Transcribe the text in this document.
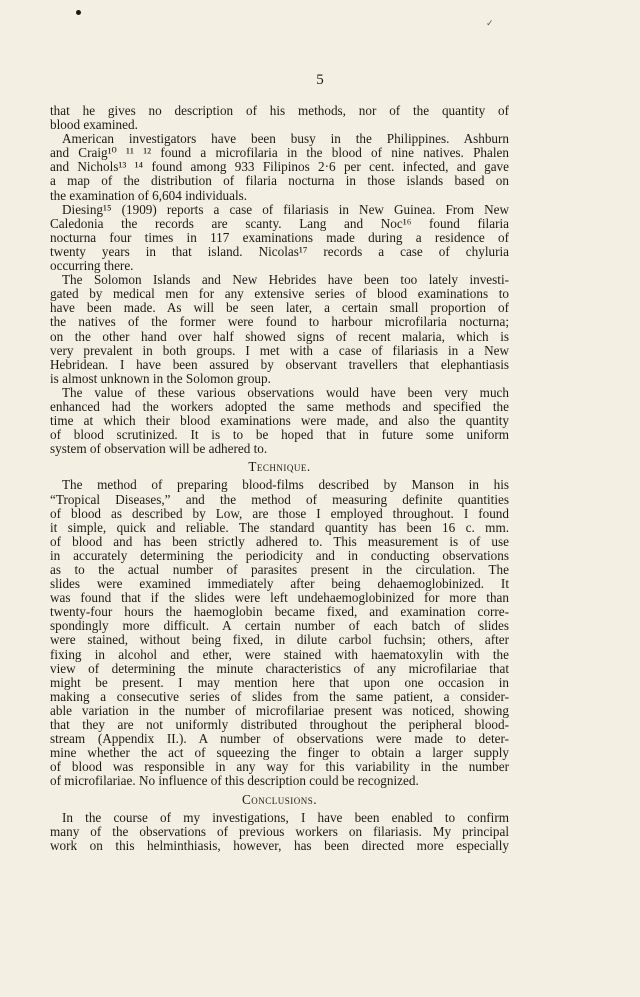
✓
5
that he gives no description of his methods, nor of the quantity of
blood examined.
American investigators have been busy in the Philippines. Ashburn
and Craig¹⁰ ¹¹ ¹² found a microfilaria in the blood of nine natives. Phalen
and Nichols¹³ ¹⁴ found among 933 Filipinos 2·6 per cent. infected, and gave
a map of the distribution of filaria nocturna in those islands based on
the examination of 6,604 individuals.
Diesing¹⁵ (1909) reports a case of filariasis in New Guinea. From New
Caledonia the records are scanty. Lang and Noc¹⁶ found filaria
nocturna four times in 117 examinations made during a residence of
twenty years in that island. Nicolas¹⁷ records a case of chyluria
occurring there.
The Solomon Islands and New Hebrides have been too lately investi-
gated by medical men for any extensive series of blood examinations to
have been made. As will be seen later, a certain small proportion of
the natives of the former were found to harbour microfilaria nocturna;
on the other hand over half showed signs of recent malaria, which is
very prevalent in both groups. I met with a case of filariasis in a New
Hebridean. I have been assured by observant travellers that elephantiasis
is almost unknown in the Solomon group.
The value of these various observations would have been very much
enhanced had the workers adopted the same methods and specified the
time at which their blood examinations were made, and also the quantity
of blood scrutinized. It is to be hoped that in future some uniform
system of observation will be adhered to.
Technique.
The method of preparing blood-films described by Manson in his
“Tropical Diseases,” and the method of measuring definite quantities
of blood as described by Low, are those I employed throughout. I found
it simple, quick and reliable. The standard quantity has been 16 c. mm.
of blood and has been strictly adhered to. This measurement is of use
in accurately determining the periodicity and in conducting observations
as to the actual number of parasites present in the circulation. The
slides were examined immediately after being dehaemoglobinized. It
was found that if the slides were left undehaemoglobinized for more than
twenty-four hours the haemoglobin became fixed, and examination corre-
spondingly more difficult. A certain number of each batch of slides
were stained, without being fixed, in dilute carbol fuchsin; others, after
fixing in alcohol and ether, were stained with haematoxylin with the
view of determining the minute characteristics of any microfilariae that
might be present. I may mention here that upon one occasion in
making a consecutive series of slides from the same patient, a consider-
able variation in the number of microfilariae present was noticed, showing
that they are not uniformly distributed throughout the peripheral blood-
stream (Appendix II.). A number of observations were made to deter-
mine whether the act of squeezing the finger to obtain a larger supply
of blood was responsible in any way for this variability in the number
of microfilariae. No influence of this description could be recognized.
Conclusions.
In the course of my investigations, I have been enabled to confirm
many of the observations of previous workers on filariasis. My principal
work on this helminthiasis, however, has been directed more especially
